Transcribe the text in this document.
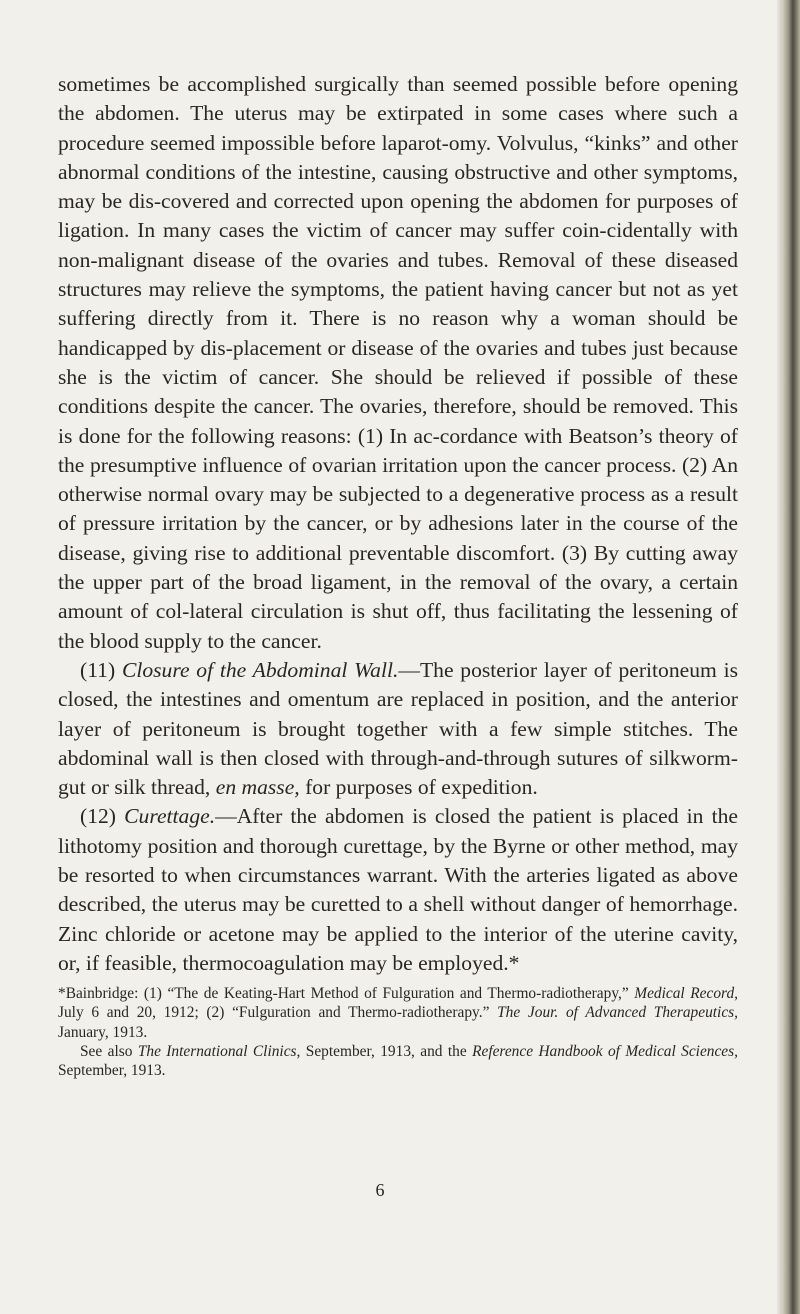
sometimes be accomplished surgically than seemed possible before opening the abdomen. The uterus may be extirpated in some cases where such a procedure seemed impossible before laparot-omy. Volvulus, “kinks” and other abnormal conditions of the intestine, causing obstructive and other symptoms, may be dis-covered and corrected upon opening the abdomen for purposes of ligation. In many cases the victim of cancer may suffer coin-cidentally with non-malignant disease of the ovaries and tubes. Removal of these diseased structures may relieve the symptoms, the patient having cancer but not as yet suffering directly from it. There is no reason why a woman should be handicapped by dis-placement or disease of the ovaries and tubes just because she is the victim of cancer. She should be relieved if possible of these conditions despite the cancer. The ovaries, therefore, should be removed. This is done for the following reasons: (1) In ac-cordance with Beatson’s theory of the presumptive influence of ovarian irritation upon the cancer process. (2) An otherwise normal ovary may be subjected to a degenerative process as a result of pressure irritation by the cancer, or by adhesions later in the course of the disease, giving rise to additional preventable discomfort. (3) By cutting away the upper part of the broad ligament, in the removal of the ovary, a certain amount of col-lateral circulation is shut off, thus facilitating the lessening of the blood supply to the cancer.

(11) Closure of the Abdominal Wall.—The posterior layer of peritoneum is closed, the intestines and omentum are replaced in position, and the anterior layer of peritoneum is brought together with a few simple stitches. The abdominal wall is then closed with through-and-through sutures of silkworm-gut or silk thread, en masse, for purposes of expedition.

(12) Curettage.—After the abdomen is closed the patient is placed in the lithotomy position and thorough curettage, by the Byrne or other method, may be resorted to when circumstances warrant. With the arteries ligated as above described, the uterus may be curetted to a shell without danger of hemorrhage. Zinc chloride or acetone may be applied to the interior of the uterine cavity, or, if feasible, thermocoagulation may be employed.*

*Bainbridge: (1) “The de Keating-Hart Method of Fulguration and Thermo-radiotherapy,” Medical Record, July 6 and 20, 1912; (2) “Fulguration and Thermo-radiotherapy.” The Jour. of Advanced Therapeutics, January, 1913.

See also The International Clinics, September, 1913, and the Reference Handbook of Medical Sciences, September, 1913.

6
